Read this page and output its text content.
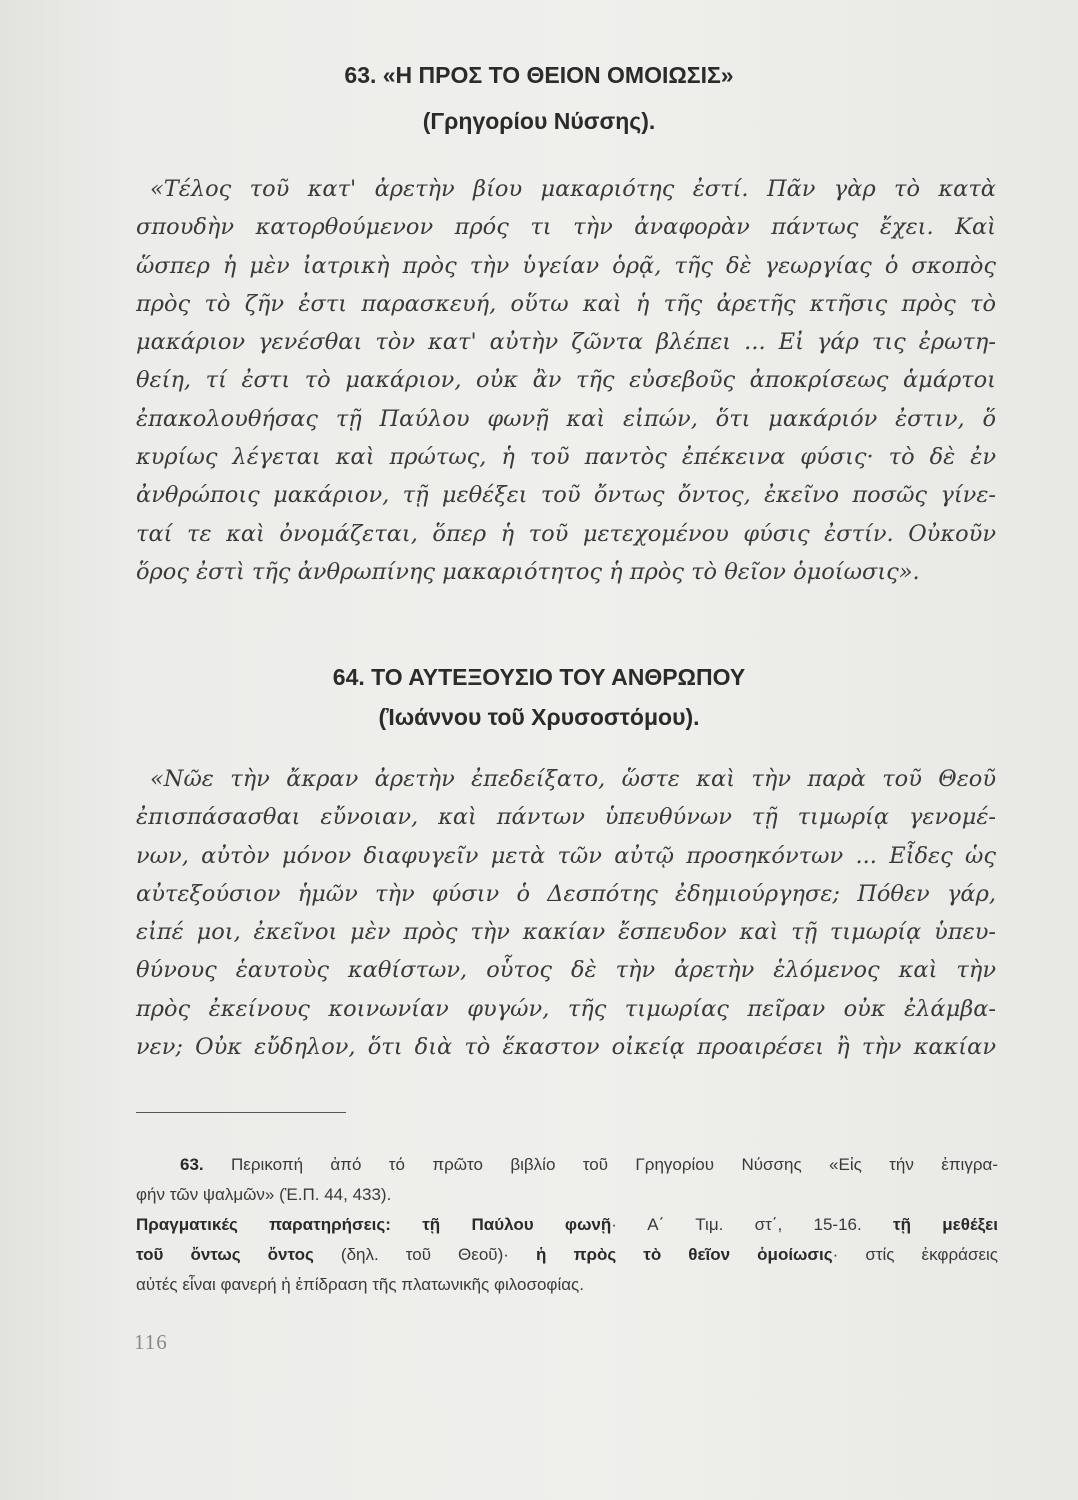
63. «Η ΠΡΟΣ ΤΟ ΘΕΙΟΝ ΟΜΟΙΩΣΙΣ»
(Γρηγορίου Νύσσης).
«Τέλος τοῦ κατ' ἀρετὴν βίου μακαριότης ἐστί. Πᾶν γὰρ τὸ κατὰ
σπουδὴν κατορθούμενον πρός τι τὴν ἀναφορὰν πάντως ἔχει. Καὶ
ὥσπερ ἡ μὲν ἰατρικὴ πρὸς τὴν ὑγείαν ὁρᾷ, τῆς δὲ γεωργίας ὁ σκοπὸς
πρὸς τὸ ζῆν ἐστι παρασκευή, οὕτω καὶ ἡ τῆς ἀρετῆς κτῆσις πρὸς τὸ
μακάριον γενέσθαι τὸν κατ' αὐτὴν ζῶντα βλέπει ... Εἰ γάρ τις ἐρωτη-
θείη, τί ἐστι τὸ μακάριον, οὐκ ἂν τῆς εὐσεβοῦς ἀποκρίσεως ἁμάρτοι
ἐπακολουθήσας τῇ Παύλου φωνῇ καὶ εἰπών, ὅτι μακάριόν ἐστιν, ὅ
κυρίως λέγεται καὶ πρώτως, ἡ τοῦ παντὸς ἐπέκεινα φύσις· τὸ δὲ ἐν
ἀνθρώποις μακάριον, τῇ μεθέξει τοῦ ὄντως ὄντος, ἐκεῖνο ποσῶς γίνε-
ταί τε καὶ ὀνομάζεται, ὅπερ ἡ τοῦ μετεχομένου φύσις ἐστίν. Οὐκοῦν
ὅρος ἐστὶ τῆς ἀνθρωπίνης μακαριότητος ἡ πρὸς τὸ θεῖον ὁμοίωσις».
64. ΤΟ ΑΥΤΕΞΟΥΣΙΟ ΤΟΥ ΑΝΘΡΩΠΟΥ
(Ἰωάννου τοῦ Χρυσοστόμου).
«Νῶε τὴν ἄκραν ἀρετὴν ἐπεδείξατο, ὥστε καὶ τὴν παρὰ τοῦ Θεοῦ
ἐπισπάσασθαι εὔνοιαν, καὶ πάντων ὑπευθύνων τῇ τιμωρίᾳ γενομέ-
νων, αὐτὸν μόνον διαφυγεῖν μετὰ τῶν αὐτῷ προσηκόντων ... Εἶδες ὡς
αὐτεξούσιον ἡμῶν τὴν φύσιν ὁ Δεσπότης ἐδημιούργησε; Πόθεν γάρ,
εἰπέ μοι, ἐκεῖνοι μὲν πρὸς τὴν κακίαν ἔσπευδον καὶ τῇ τιμωρίᾳ ὑπευ-
θύνους ἑαυτοὺς καθίστων, οὗτος δὲ τὴν ἀρετὴν ἑλόμενος καὶ τὴν
πρὸς ἐκείνους κοινωνίαν φυγών, τῆς τιμωρίας πεῖραν οὐκ ἐλάμβα-
νεν; Οὐκ εὔδηλον, ὅτι διὰ τὸ ἕκαστον οἰκείᾳ προαιρέσει ἢ τὴν κακίαν
63. Περικοπή ἀπό τό πρῶτο βιβλίο τοῦ Γρηγορίου Νύσσης «Εἰς τήν ἐπιγρα-
φήν τῶν ψαλμῶν» (Ἑ.Π. 44, 433).
Πραγματικές παρατηρήσεις: τῇ Παύλου φωνῇ· Α΄ Τιμ. στ΄, 15-16. τῇ μεθέξει
τοῦ ὄντως ὄντος (δηλ. τοῦ Θεοῦ)· ἡ πρὸς τὸ θεῖον ὁμοίωσις· στίς ἐκφράσεις
αὐτές εἶναι φανερή ἡ ἐπίδραση τῆς πλατωνικῆς φιλοσοφίας.
116
